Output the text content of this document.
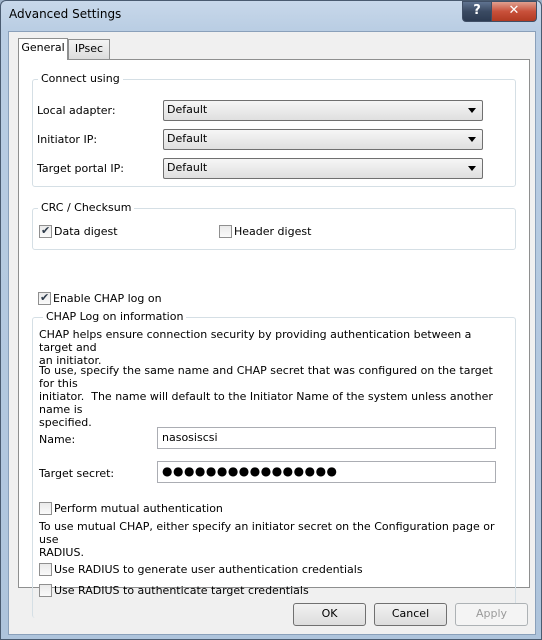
Advanced Settings	?	✕
General IPsec
Connect using
Local adapter:	Default
Initiator IP:	Default
Target portal IP:	Default
CRC / Checksum
✔ Data digest	Header digest
✔ Enable CHAP log on
CHAP Log on information
CHAP helps ensure connection security by providing authentication between a target and
an initiator.
To use, specify the same name and CHAP secret that was configured on the target for this
initiator.  The name will default to the Initiator Name of the system unless another name is
specified.
Name:	nasosiscsi
Target secret:	●●●●●●●●●●●●●●●●
Perform mutual authentication
To use mutual CHAP, either specify an initiator secret on the Configuration page or use
RADIUS.
Use RADIUS to generate user authentication credentials
Use RADIUS to authenticate target credentials
OK	Cancel	Apply
